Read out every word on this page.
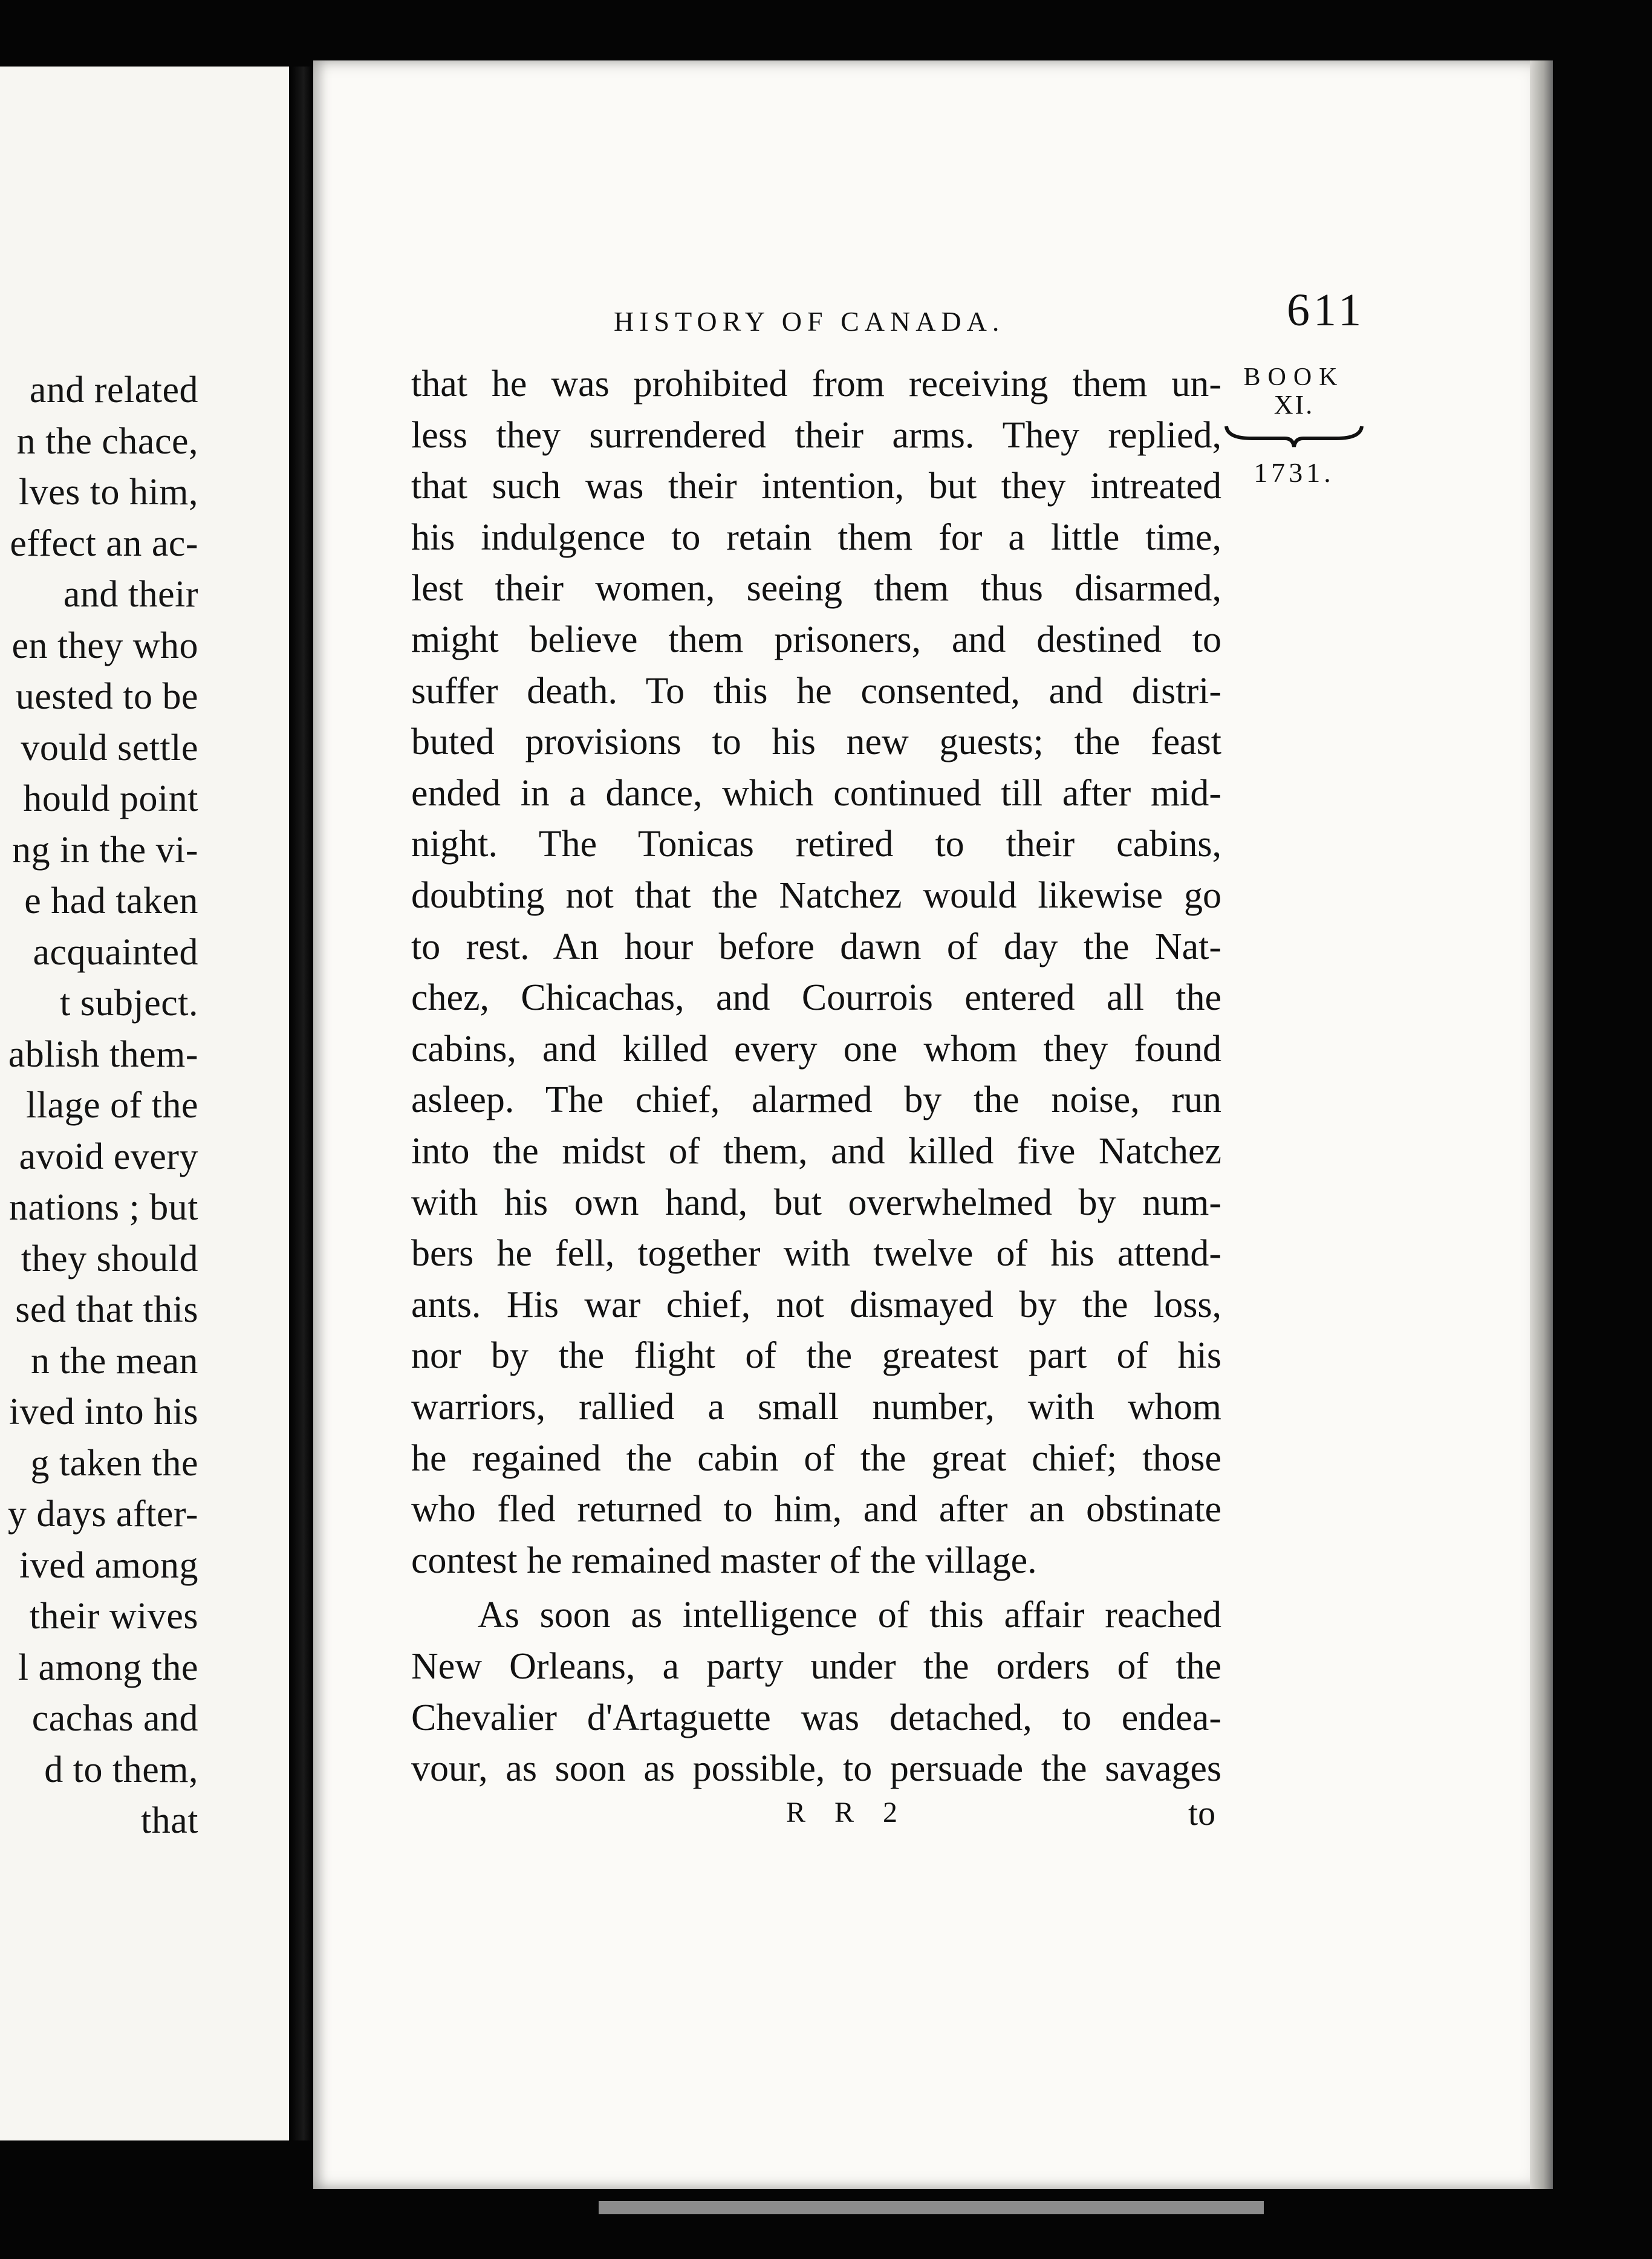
and related
n the chace,
lves to him,
effect an ac-
and their
en they who
uested to be
vould settle
hould point
ng in the vi-
e had taken
acquainted
t subject.
ablish them-
llage of the
avoid every
nations ; but
they should
sed that this
n the mean
ived into his
g taken the
y days after-
ived among
their wives
l among the
cachas and
d to them,
that
HISTORY OF CANADA.	611
BOOK
XI.
1731.
that he was prohibited from receiving them un-
less they surrendered their arms. They replied,
that such was their intention, but they intreated
his indulgence to retain them for a little time,
lest their women, seeing them thus disarmed,
might believe them prisoners, and destined to
suffer death. To this he consented, and distri-
buted provisions to his new guests; the feast
ended in a dance, which continued till after mid-
night. The Tonicas retired to their cabins,
doubting not that the Natchez would likewise go
to rest. An hour before dawn of day the Nat-
chez, Chicachas, and Courrois entered all the
cabins, and killed every one whom they found
asleep. The chief, alarmed by the noise, run
into the midst of them, and killed five Natchez
with his own hand, but overwhelmed by num-
bers he fell, together with twelve of his attend-
ants. His war chief, not dismayed by the loss,
nor by the flight of the greatest part of his
warriors, rallied a small number, with whom
he regained the cabin of the great chief; those
who fled returned to him, and after an obstinate
contest he remained master of the village.
As soon as intelligence of this affair reached
New Orleans, a party under the orders of the
Chevalier d'Artaguette was detached, to endea-
vour, as soon as possible, to persuade the savages
R R 2	to
